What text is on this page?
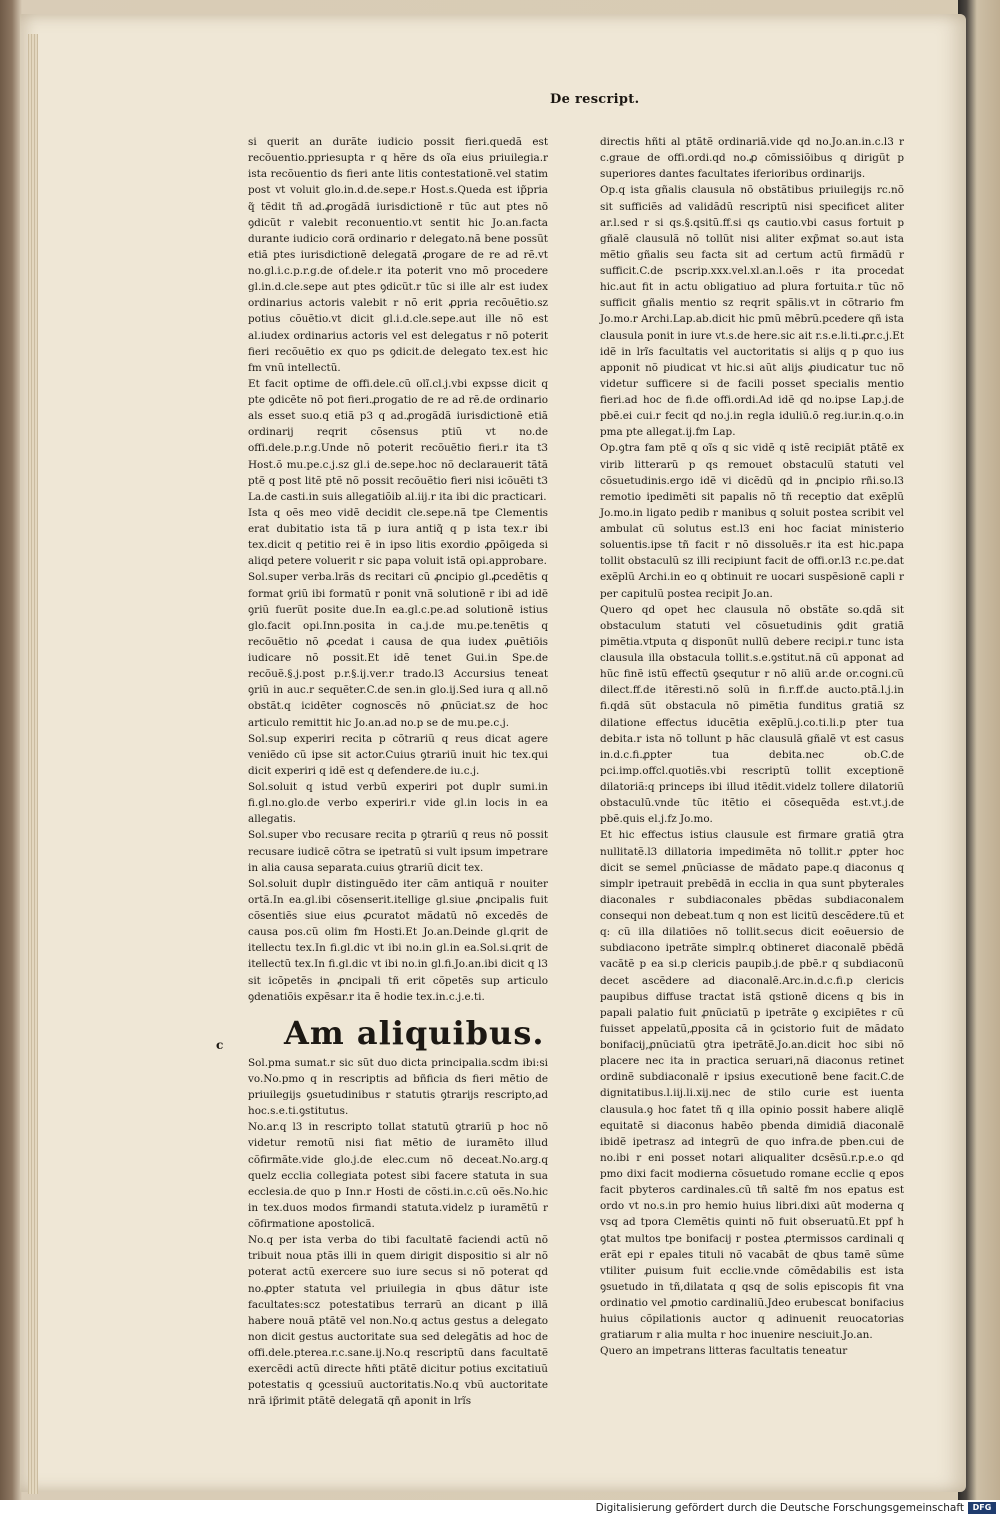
De rescript.

si querit an durãte iudicio possit fieri.quedã est recõuentio.ppriesupta r q hẽre ds oĩa eius priuilegia.r ista recõuentio ds fieri ante litis contestationẽ.vel statim post vt voluit glo.in.d.de.sepe.r Host.s.Queda est ip̃pria q̃ tẽdit tñ ad.ꝓrogãdã iurisdictionẽ r tũc aut ptes nõ ꝯdicũt r valebit reconuentio.vt sentit hic Jo.an.facta durante iudicio corã ordinario r delegato.nã bene possũt etiã ptes iurisdictionẽ delegatã ꝓrogare de re ad rẽ.vt no.gl.i.c.p.r.g.de of.dele.r ita poterit vno mõ procedere gl.in.d.cle.sepe aut ptes ꝯdicũt.r tũc si ille alr est iudex ordinarius actoris valebit r nõ erit ꝓpria recõuẽtio.sz potius cõuẽtio.vt dicit gl.i.d.cle.sepe.aut ille nõ est al.iudex ordinarius actoris vel est delegatus r nõ poterit fieri recõuẽtio ex quo ps ꝯdicit.de delegato tex.est hic fm vnũ intellectũ.

Et facit optime de offi.dele.cũ olĩ.cl.j.vbi expsse dicit q pte ꝯdicẽte nõ pot fieri.ꝓrogatio de re ad rẽ.de ordinario als esset suo.q etiã p3 q ad.ꝓrogãdã iurisdictionẽ etiã ordinarij reqrit cõsensus ptiũ vt no.de offi.dele.p.r.g.Unde nõ poterit recõuẽtio fieri.r ita t3 Host.õ mu.pe.c.j.sz gl.i de.sepe.hoc nõ declarauerit tãtã ptẽ q post litẽ ptẽ nõ possit recõuẽtio fieri nisi icõuẽti t3 La.de casti.in suis allegatiõib al.iij.r ita ibi dic practicari.

Ista q oẽs meo vidẽ decidit cle.sepe.nã tpe Clementis erat dubitatio ista tã p iura antiq̃ q p ista tex.r ibi tex.dicit q petitio rei ẽ in ipso litis exordio ꝓpõigeda si aliqd petere voluerit r sic papa voluit istã opi.approbare.

Sol.super verba.lrãs ds recitari cũ ꝓncipio gl.ꝓcedẽtis q format ꝯriũ ibi formatũ r ponit vnã solutionẽ r ibi ad idẽ ꝯriũ fuerũt posite due.In ea.gl.c.pe.ad solutionẽ istius glo.facit opi.Inn.posita in ca.j.de mu.pe.tenẽtis q recõuẽtio nõ ꝓcedat i causa de qua iudex ꝓuẽtiõis iudicare nõ possit.Et idẽ tenet Gui.in Spe.de recõuẽ.§.j.post p.r.§.ij.ver.r trado.l3 Accursius teneat ꝯriũ in auc.r sequẽter.C.de sen.in glo.ij.Sed iura q all.nõ obstãt.q icidẽter cognoscẽs nõ ꝓnũciat.sz de hoc articulo remittit hic Jo.an.ad no.p se de mu.pe.c.j.

Sol.sup experiri recita p cõtrariũ q reus dicat agere veniẽdo cũ ipse sit actor.Cuius ꝯtrariũ inuit hic tex.qui dicit experiri q idẽ est q defendere.de iu.c.j.

Sol.soluit q istud verbũ experiri pot duplr sumi.in fi.gl.no.glo.de verbo experiri.r vide gl.in locis in ea allegatis.

Sol.super vbo recusare recita p ꝯtrariũ q reus nõ possit recusare iudicẽ cõtra se ipetratũ si vult ipsum impetrare in alia causa separata.cuius ꝯtrariũ dicit tex.

Sol.soluit duplr distinguẽdo iter cãm antiquã r nouiter ortã.In ea.gl.ibi cõsenserit.itellige gl.siue ꝓncipalis fuit cõsentiẽs siue eius ꝓcuratot mãdatũ nõ excedẽs de causa pos.cũ olim fm Hosti.Et Jo.an.Deinde gl.qrit de itellectu tex.In fi.gl.dic vt ibi no.in gl.in ea.Sol.si.qrit de itellectũ tex.In fi.gl.dic vt ibi no.in gl.fi.Jo.an.ibi dicit q l3 sit icõpetẽs in ꝓncipali tñ erit cõpetẽs sup articulo ꝯdenatiõis expẽsar.r ita ẽ hodie tex.in.c.j.e.ti.

c Am aliquibus.

Sol.pma sumat.r sic sũt duo dicta principalia.scdm ibi:si vo.No.pmo q in rescriptis ad bñficia ds fieri mẽtio de priuilegijs ꝯsuetudinibus r statutis ꝯtrarijs rescripto,ad hoc.s.e.ti.ꝯstitutus.

No.ar.q l3 in rescripto tollat statutũ ꝯtrariũ p hoc nõ videtur remotũ nisi fiat mẽtio de iuramẽto illud cõfirmãte.vide glo.j.de elec.cum nõ deceat.No.arg.q quelz ecclia collegiata potest sibi facere statuta in sua ecclesia.de quo p Inn.r Hosti de cõsti.in.c.cũ oẽs.No.hic in tex.duos modos firmandi statuta.videlz p iuramẽtũ r cõfirmatione apostolicã.

No.q per ista verba do tibi facultatẽ faciendi actũ nõ tribuit noua ptãs illi in quem dirigit dispositio si alr nõ poterat actũ exercere suo iure secus si nõ poterat qd no.ꝓpter statuta vel priuilegia in qbus dãtur iste facultates:scz potestatibus terrarũ an dicant p illã habere nouã ptãtẽ vel non.No.q actus gestus a delegato non dicit gestus auctoritate sua sed delegãtis ad hoc de offi.dele.pterea.r.c.sane.ij.No.q rescriptũ dans facultatẽ exercẽdi actũ directe hñti ptãtẽ dicitur potius excitatiuũ potestatis q ꝯcessiuũ auctoritatis.No.q vbũ auctoritate nrã ip̃rimit ptãtẽ delegatã qñ aponit in lrĩs

directis hñti al ptãtẽ ordinariã.vide qd no.Jo.an.in.c.l3 r c.graue de offi.ordi.qd no.ꝓ cõmissiõibus q dirigũt p superiores dantes facultates iferioribus ordinarijs.

Op.q ista gñalis clausula nõ obstãtibus priuilegijs rc.nõ sit sufficiẽs ad validãdũ rescriptũ nisi specificet aliter ar.l.sed r si qs.§.qsitũ.ff.si qs cautio.vbi casus fortuit p gñalẽ clausulã nõ tollũt nisi aliter exp̃mat so.aut ista mẽtio gñalis seu facta sit ad certum actũ firmãdũ r sufficit.C.de pscrip.xxx.vel.xl.an.l.oẽs r ita procedat hic.aut fit in actu obligatiuo ad plura fortuita.r tũc nõ sufficit gñalis mentio sz reqrit spãlis.vt in cõtrario fm Jo.mo.r Archi.Lap.ab.dicit hic pmũ mẽbrũ.pcedere qñ ista clausula ponit in iure vt.s.de here.sic ait r.s.e.li.ti.ꝓr.c.j.Et idẽ in lrĩs facultatis vel auctoritatis si alijs q p quo ius apponit nõ piudicat vt hic.si aũt alijs ꝓiudicatur tuc nõ videtur sufficere si de facili posset specialis mentio fieri.ad hoc de fi.de offi.ordi.Ad idẽ qd no.ipse Lap.j.de pbẽ.ei cui.r fecit qd no.j.in regla iduliũ.õ reg.iur.in.q.o.in pma pte allegat.ij.fm Lap.

Op.ꝯtra fam ptẽ q oĩs q sic vidẽ q istẽ recipiãt ptãtẽ ex virib litterarũ p qs remouet obstaculũ statuti vel cõsuetudinis.ergo idẽ vi dicẽdũ qd in ꝓncipio rñi.so.l3 remotio ipedimẽti sit papalis nõ tñ receptio dat exẽplũ Jo.mo.in ligato pedib r manibus q soluit postea scribit vel ambulat cũ solutus est.l3 eni hoc faciat ministerio soluentis.ipse tñ facit r nõ dissoluẽs.r ita est hic.papa tollit obstaculũ sz illi recipiunt facit de offi.or.l3 r.c.pe.dat exẽplũ Archi.in eo q obtinuit re uocari suspẽsionẽ capli r per capitulũ postea recipit Jo.an.

Quero qd opet hec clausula nõ obstãte so.qdã sit obstaculum statuti vel cõsuetudinis ꝯdit gratiã pimẽtia.vtputa q disponũt nullũ debere recipi.r tunc ista clausula illa obstacula tollit.s.e.ꝯstitut.nã cũ apponat ad hũc finẽ istũ effectũ ꝯsequtur r nõ aliũ ar.de or.cogni.cũ dilect.ff.de itẽresti.nõ solũ in fi.r.ff.de aucto.ptã.l.j.in fi.qdã sũt obstacula nõ pimẽtia funditus gratiã sz dilatione effectus iducẽtia exẽplũ.j.co.ti.li.p pter tua debita.r ista nõ tollunt p hãc clausulã gñalẽ vt est casus in.d.c.fi.ꝓpter tua debita.nec ob.C.de pci.imp.offcl.quotiẽs.vbi rescriptũ tollit exceptionẽ dilatoriã:q princeps ibi illud itẽdit.videlz tollere dilatoriũ obstaculũ.vnde tũc itẽtio ei cõsequẽda est.vt.j.de pbẽ.quis el.j.fz Jo.mo.

Et hic effectus istius clausule est firmare gratiã ꝯtra nullitatẽ.l3 dillatoria impedimẽta nõ tollit.r ꝓpter hoc dicit se semel ꝓnũciasse de mãdato pape.q diaconus q simplr ipetrauit prebẽdã in ecclia in qua sunt pbyterales diaconales r subdiaconales pbẽdas subdiaconalem consequi non debeat.tum q non est licitũ descẽdere.tũ et q: cũ illa dilatiões nõ tollit.secus dicit eoẽuersio de subdiacono ipetrãte simplr.q obtineret diaconalẽ pbẽdã vacãtẽ p ea si.p clericis paupib.j.de pbẽ.r q subdiaconũ decet ascẽdere ad diaconalẽ.Arc.in.d.c.fi.p clericis paupibus diffuse tractat istã qstionẽ dicens q bis in papali palatio fuit ꝓnũciatũ p ipetrãte ꝯ excipiẽtes r cũ fuisset appelatũ,ꝓposita cã in ꝯcistorio fuit de mãdato bonifacij,ꝓnũciatũ ꝯtra ipetrãtẽ.Jo.an.dicit hoc sibi nõ placere nec ita in practica seruari,nã diaconus retinet ordinẽ subdiaconalẽ r ipsius executionẽ bene facit.C.de dignitatibus.l.iij.li.xij.nec de stilo curie est iuenta clausula.ꝯ hoc fatet tñ q illa opinio possit habere aliqlẽ equitatẽ si diaconus habẽo pbenda dimidiã diaconalẽ ibidẽ ipetrasz ad integrũ de quo infra.de pben.cui de no.ibi r eni posset notari aliqualiter dcsẽsũ.r.p.e.o qd pmo dixi facit modierna cõsuetudo romane ecclie q epos facit pbyteros cardinales.cũ tñ saltẽ fm nos epatus est ordo vt no.s.in pro hemio huius libri.dixi aũt moderna q vsq ad tpora Clemẽtis quinti nõ fuit obseruatũ.Et ppf h ꝯtat multos tpe bonifacij r postea ꝓtermissos cardinali q erãt epi r epales tituli nõ vacabãt de qbus tamẽ sũme vtiliter ꝓuisum fuit ecclie.vnde cõmẽdabilis est ista ꝯsuetudo in tñ,dilatata q qsq de solis episcopis fit vna ordinatio vel ꝓmotio cardinaliũ.Jdeo erubescat bonifacius huius cõpilationis auctor q adinuenit reuocatorias gratiarum r alia multa r hoc inuenire nesciuit.Jo.an.

Quero an impetrans litteras facultatis teneatur

Digitalisierung gefördert durch die Deutsche Forschungsgemeinschaft	DFG
